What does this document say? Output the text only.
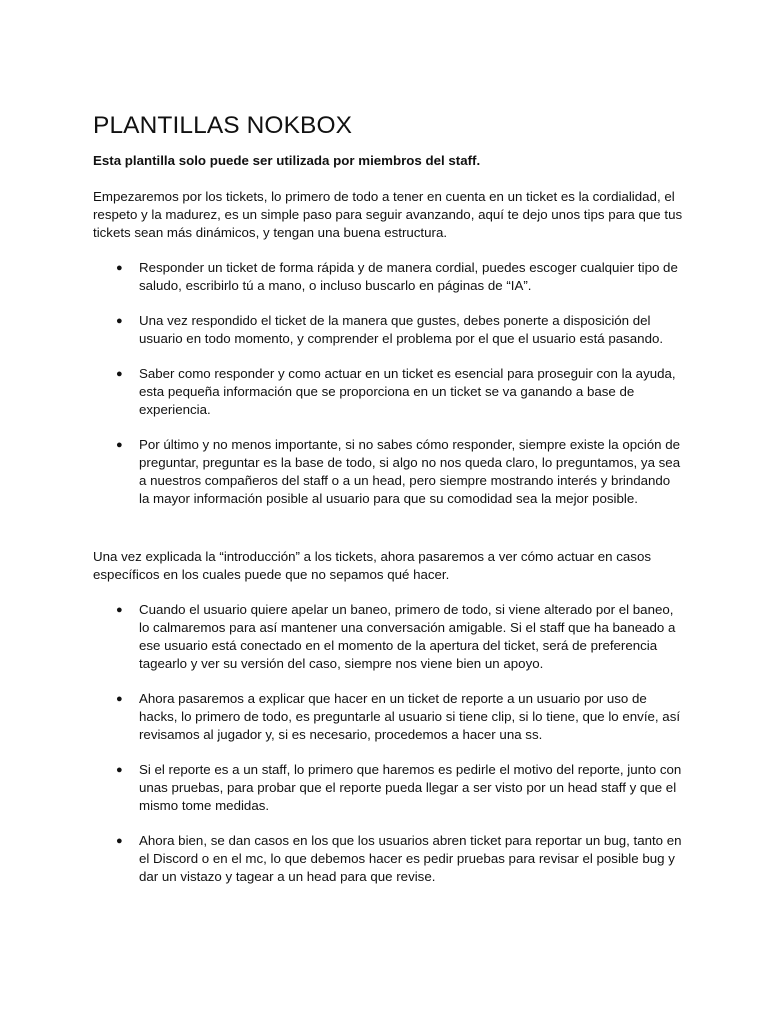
PLANTILLAS NOKBOX

Esta plantilla solo puede ser utilizada por miembros del staff.

Empezaremos por los tickets, lo primero de todo a tener en cuenta en un ticket es la cordialidad, el respeto y la madurez, es un simple paso para seguir avanzando, aquí te dejo unos tips para que tus tickets sean más dinámicos, y tengan una buena estructura.

● Responder un ticket de forma rápida y de manera cordial, puedes escoger cualquier tipo de saludo, escribirlo tú a mano, o incluso buscarlo en páginas de “IA”.
● Una vez respondido el ticket de la manera que gustes, debes ponerte a disposición del usuario en todo momento, y comprender el problema por el que el usuario está pasando.
● Saber como responder y como actuar en un ticket es esencial para proseguir con la ayuda, esta pequeña información que se proporciona en un ticket se va ganando a base de experiencia.
● Por último y no menos importante, si no sabes cómo responder, siempre existe la opción de preguntar, preguntar es la base de todo, si algo no nos queda claro, lo preguntamos, ya sea a nuestros compañeros del staff o a un head, pero siempre mostrando interés y brindando la mayor información posible al usuario para que su comodidad sea la mejor posible.

Una vez explicada la “introducción” a los tickets, ahora pasaremos a ver cómo actuar en casos específicos en los cuales puede que no sepamos qué hacer.

● Cuando el usuario quiere apelar un baneo, primero de todo, si viene alterado por el baneo, lo calmaremos para así mantener una conversación amigable. Si el staff que ha baneado a ese usuario está conectado en el momento de la apertura del ticket, será de preferencia tagearlo y ver su versión del caso, siempre nos viene bien un apoyo.
● Ahora pasaremos a explicar que hacer en un ticket de reporte a un usuario por uso de hacks, lo primero de todo, es preguntarle al usuario si tiene clip, si lo tiene, que lo envíe, así revisamos al jugador y, si es necesario, procedemos a hacer una ss.
● Si el reporte es a un staff, lo primero que haremos es pedirle el motivo del reporte, junto con unas pruebas, para probar que el reporte pueda llegar a ser visto por un head staff y que el mismo tome medidas.
● Ahora bien, se dan casos en los que los usuarios abren ticket para reportar un bug, tanto en el Discord o en el mc, lo que debemos hacer es pedir pruebas para revisar el posible bug y dar un vistazo y tagear a un head para que revise.
